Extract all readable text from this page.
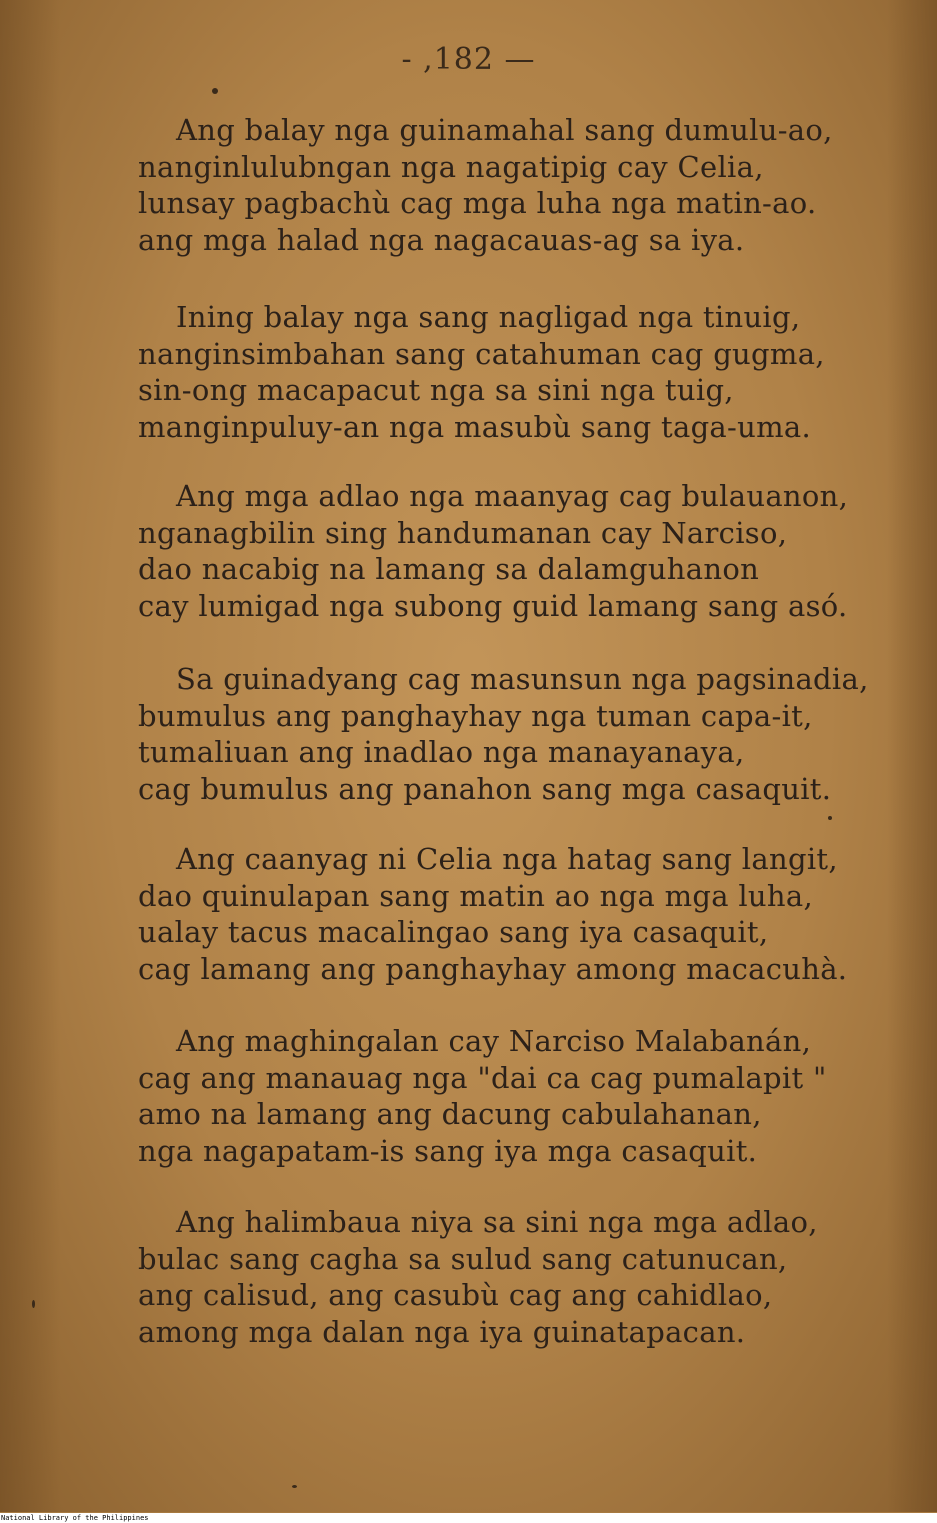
- ,182 —
Ang balay nga guinamahal sang dumulu-ao,
nanginlulubngan nga nagatipig cay Celia,
lunsay pagbachù cag mga luha nga matin-ao.
ang mga halad nga nagacauas-ag sa iya.
Ining balay nga sang nagligad nga tinuig,
nanginsimbahan sang catahuman cag gugma,
sin-ong macapacut nga sa sini nga tuig,
manginpuluy-an nga masubù sang taga-uma.
Ang mga adlao nga maanyag cag bulauanon,
nganagbilin sing handumanan cay Narciso,
dao nacabig na lamang sa dalamguhanon
cay lumigad nga subong guid lamang sang asó.
Sa guinadyang cag masunsun nga pagsinadia,
bumulus ang panghayhay nga tuman capa-it,
tumaliuan ang inadlao nga manayanaya,
cag bumulus ang panahon sang mga casaquit.
Ang caanyag ni Celia nga hatag sang langit,
dao quinulapan sang matin ao nga mga luha,
ualay tacus macalingao sang iya casaquit,
cag lamang ang panghayhay among macacuhà.
Ang maghingalan cay Narciso Malabanán,
cag ang manauag nga "dai ca cag pumalapit "
amo na lamang ang dacung cabulahanan,
nga nagapatam-is sang iya mga casaquit.
Ang halimbaua niya sa sini nga mga adlao,
bulac sang cagha sa sulud sang catunucan,
ang calisud, ang casubù cag ang cahidlao,
among mga dalan nga iya guinatapacan.
National Library of the Philippines
